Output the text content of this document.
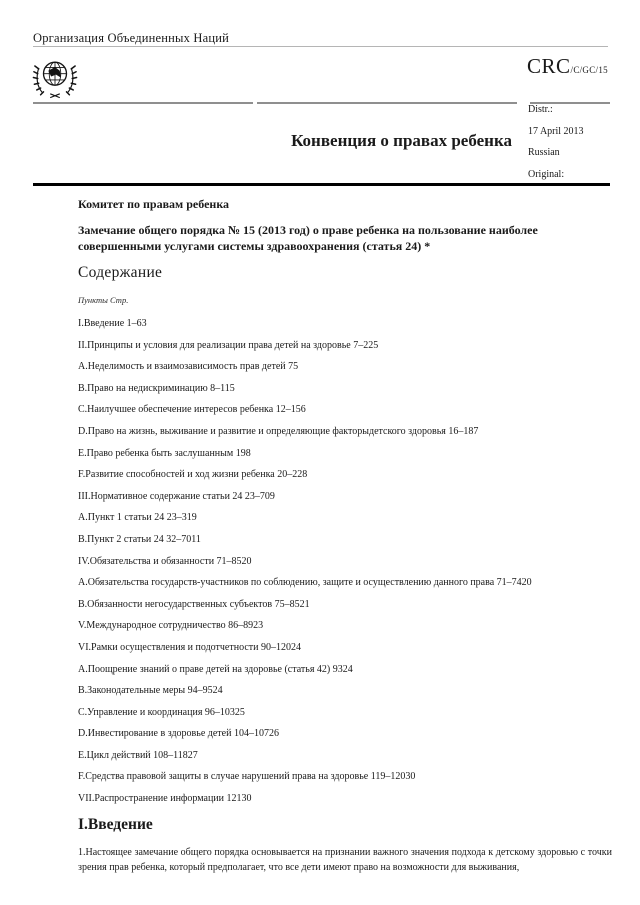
Организация Объединенных Наций
CRC/C/GC/15
Distr.:
17 April 2013
Russian
Original:
Конвенция о правах ребенка
Комитет по правам ребенка
Замечание общего порядка № 15 (2013 год) о праве ребенка на пользование наиболее совершенными услугами системы здравоохранения (статья 24) *
Содержание
Пункты Стр.
I.Введение 1–63
II.Принципы и условия для реализации права детей на здоровье 7–225
A.Неделимость и взаимозависимость прав детей 75
B.Право на недискриминацию 8–115
C.Наилучшее обеспечение интересов ребенка 12–156
D.Право на жизнь, выживание и развитие и определяющие факторыдетского здоровья 16–187
E.Право ребенка быть заслушанным 198
F.Развитие способностей и ход жизни ребенка 20–228
III.Нормативное содержание статьи 24 23–709
A.Пункт 1 статьи 24 23–319
B.Пункт 2 статьи 24 32–7011
IV.Обязательства и обязанности 71–8520
A.Обязательства государств-участников по соблюдению, защите и осуществлению данного права 71–7420
B.Обязанности негосударственных субъектов 75–8521
V.Международное сотрудничество 86–8923
VI.Рамки осуществления и подотчетности 90–12024
A.Поощрение знаний о праве детей на здоровье (статья 42) 9324
B.Законодательные меры 94–9524
C.Управление и координация 96–10325
D.Инвестирование в здоровье детей 104–10726
E.Цикл действий 108–11827
F.Средства правовой защиты в случае нарушений права на здоровье 119–12030
VII.Распространение информации 12130
I.Введение
1.Настоящее замечание общего порядка основывается на признании важного значения подхода к детскому здоровью с точки зрения прав ребенка, который предполагает, что все дети имеют право на возможности для выживания,
